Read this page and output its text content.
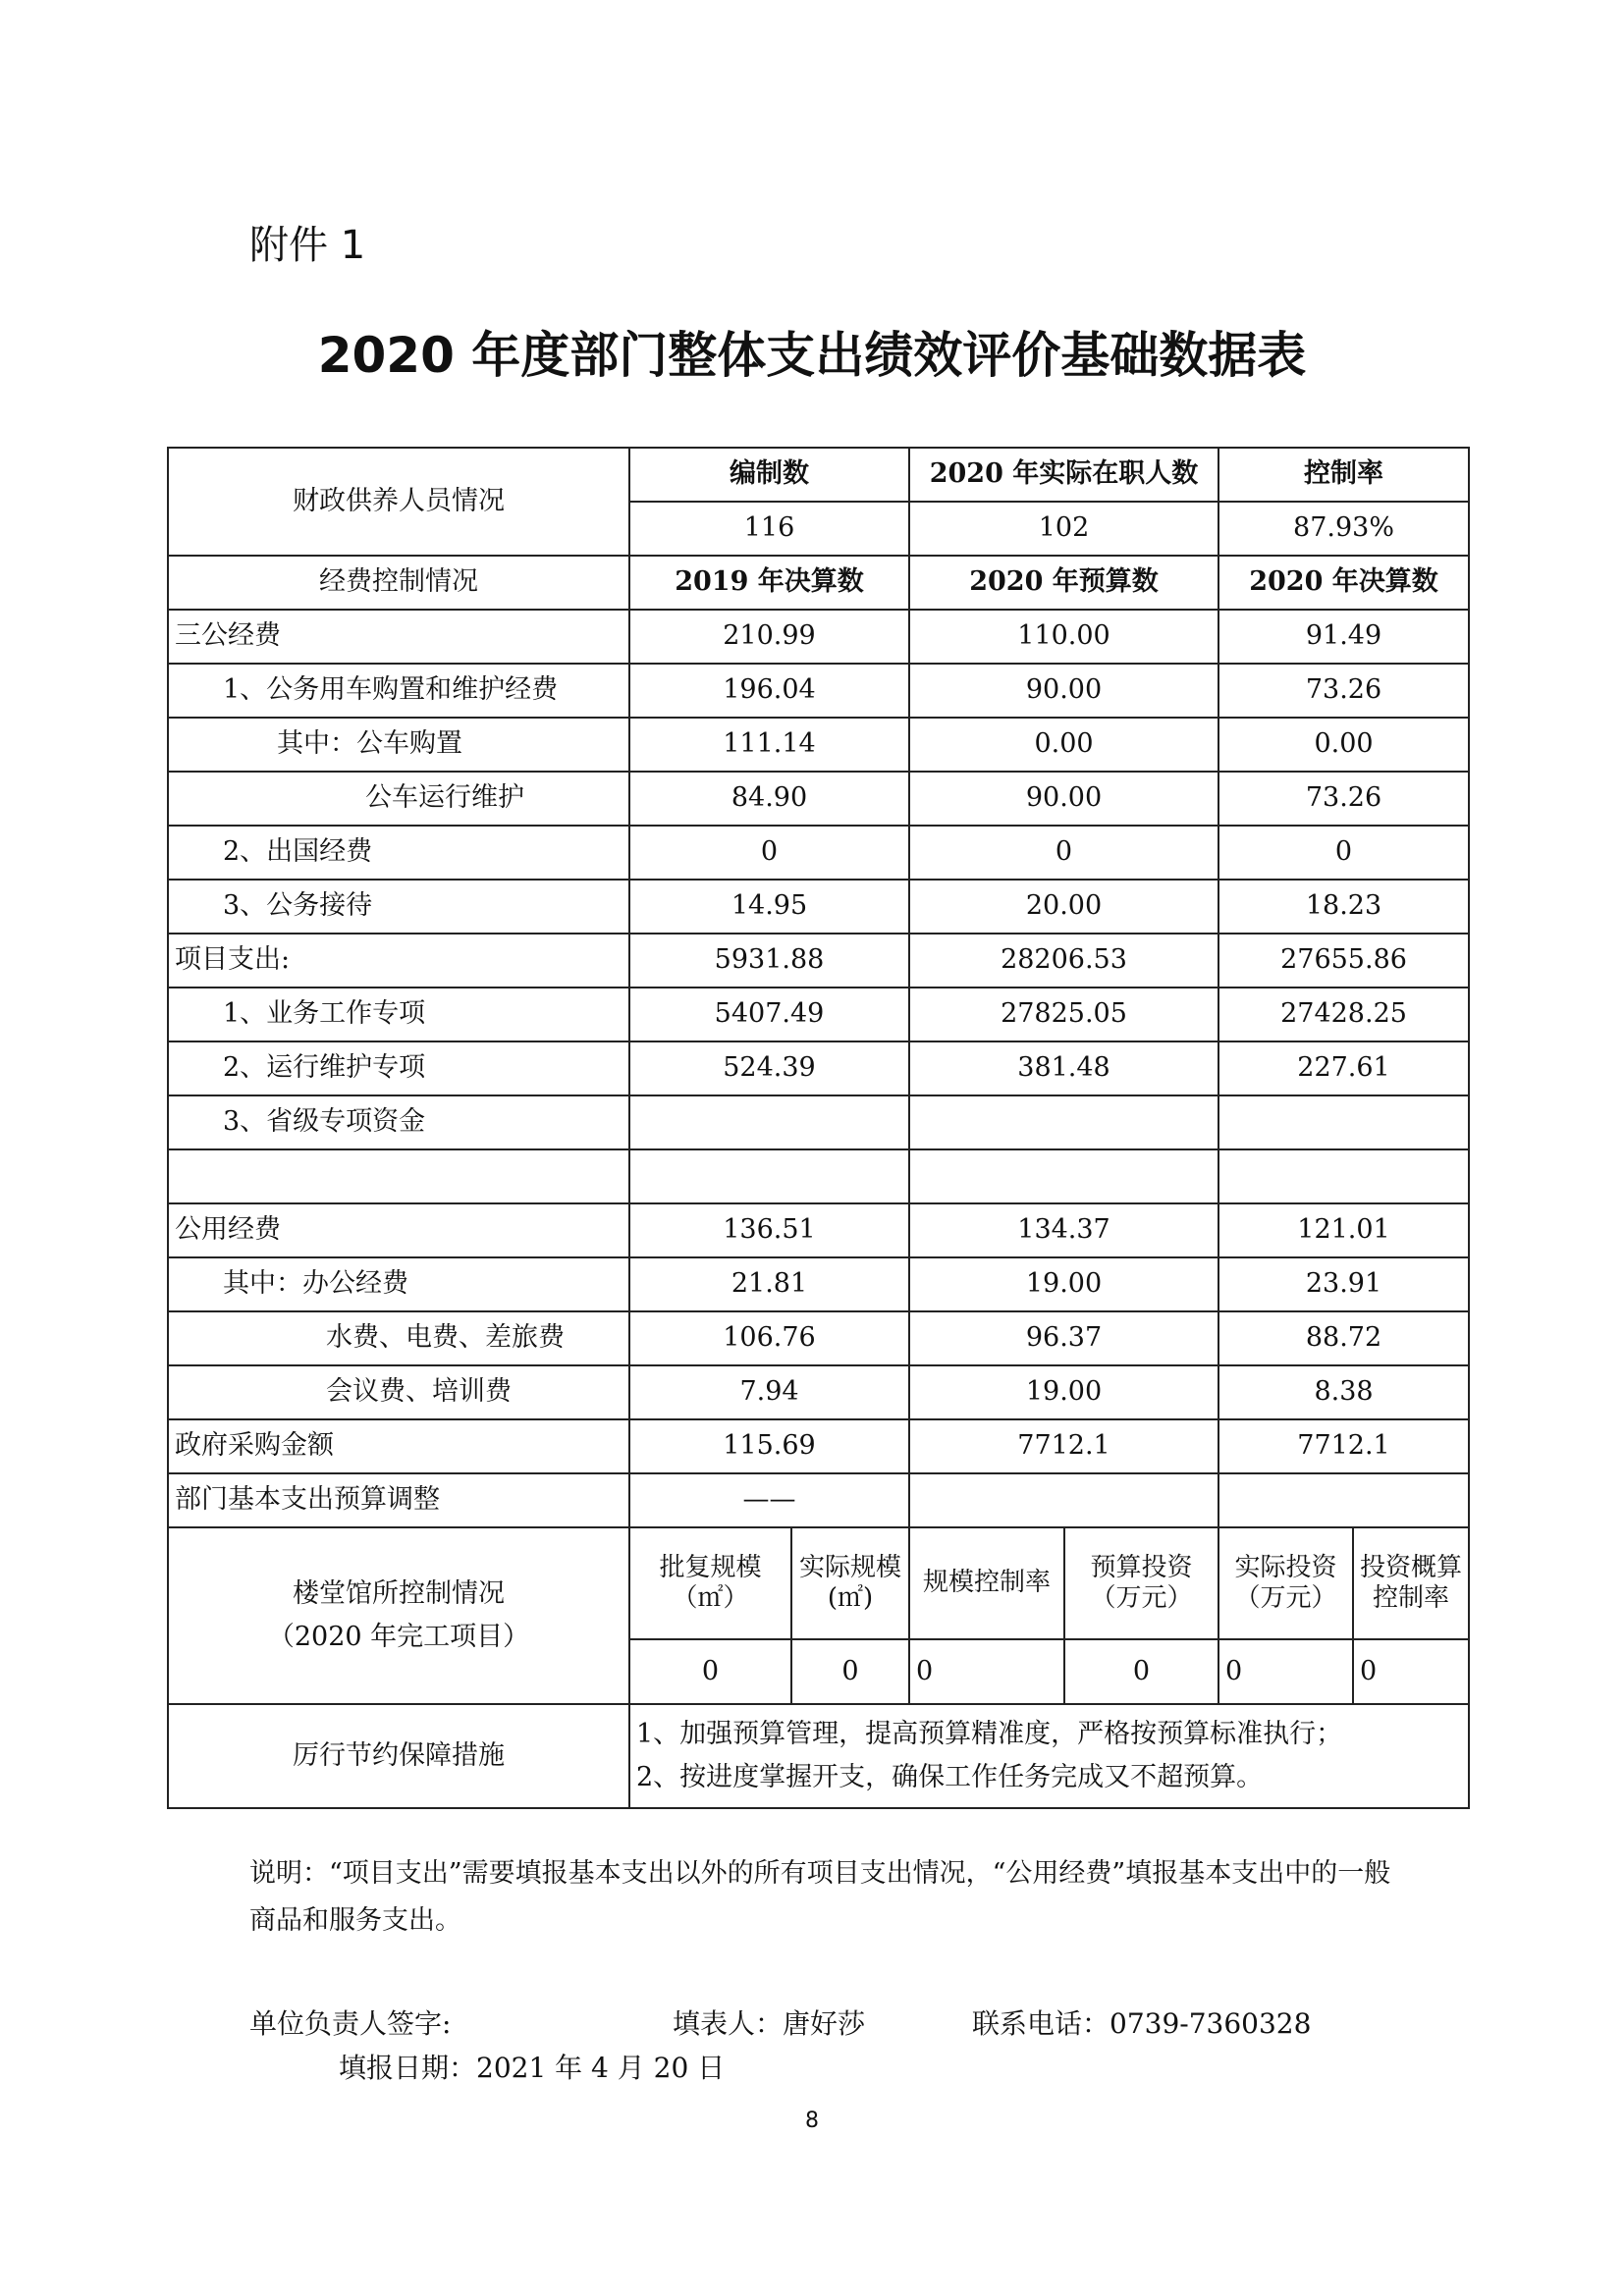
附件 1
2020 年度部门整体支出绩效评价基础数据表
财政供养人员情况	编制数		2020 年实际在职人数		控制率	
	116		102		87.93%	
经费控制情况	2019 年决算数		2020 年预算数		2020 年决算数	
三公经费	210.99		110.00		91.49	
1、公务用车购置和维护经费	196.04		90.00		73.26	
其中：公车购置	111.14		0.00		0.00	
公车运行维护	84.90		90.00		73.26	
2、出国经费	0		0		0	
3、公务接待	14.95		20.00		18.23	
项目支出:	5931.88		28206.53		27655.86	
1、业务工作专项	5407.49		27825.05		27428.25	
2、运行维护专项	524.39		381.48		227.61	
3、省级专项资金						

公用经费	136.51		134.37		121.01	
其中：办公经费	21.81		19.00		23.91	
水费、电费、差旅费	106.76		96.37		88.72	
会议费、培训费	7.94		19.00		8.38	
政府采购金额	115.69		7712.1		7712.1	
部门基本支出预算调整	——					

楼堂馆所控制情况
（2020 年完工项目）	批复规模（㎡）	实际规模(㎡)	规模控制率	预算投资（万元）	实际投资（万元）	投资概算控制率
	0	0	0	0	0	0
厉行节约保障措施	1、加强预算管理，提高预算精准度，严格按预算标准执行；
2、按进度掌握开支，确保工作任务完成又不超预算。					
说明：“项目支出”需要填报基本支出以外的所有项目支出情况，“公用经费”填报基本支出中的一般商品和服务支出。
单位负责人签字:	填表人：唐好莎	联系电话：0739-7360328
填报日期：2021 年 4 月 20 日
8
